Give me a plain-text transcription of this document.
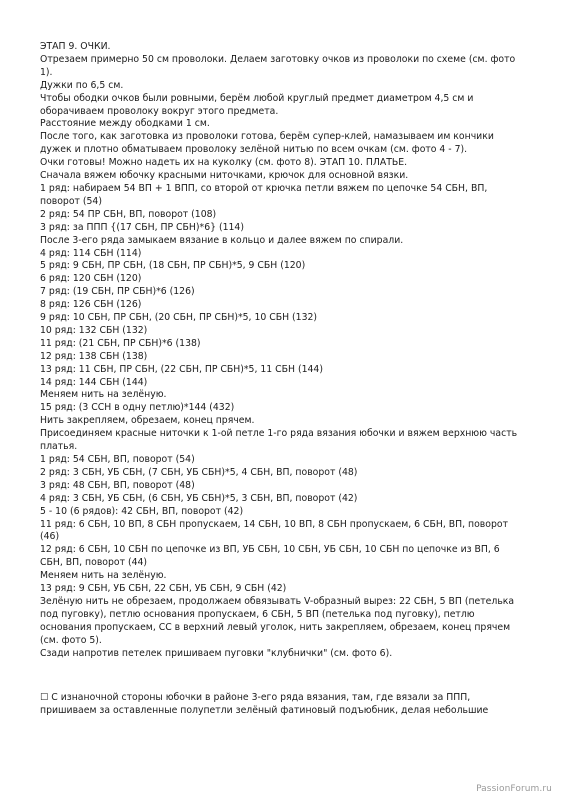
ЭТАП 9. ОЧКИ.

Отрезаем примерно 50 см проволоки. Делаем заготовку очков из проволоки по схеме (см. фото

1).

Дужки по 6,5 см.

Чтобы ободки очков были ровными, берём любой круглый предмет диаметром 4,5 см и

оборачиваем проволоку вокруг этого предмета.

Расстояние между ободками 1 см.

После того, как заготовка из проволоки готова, берём супер-клей, намазываем им кончики

дужек и плотно обматываем проволоку зелёной нитью по всем очкам (см. фото 4 - 7).

Очки готовы! Можно надеть их на куколку (см. фото 8). ЭТАП 10. ПЛАТЬЕ.

Сначала вяжем юбочку красными ниточками, крючок для основной вязки.

1 ряд: набираем 54 ВП + 1 ВПП, со второй от крючка петли вяжем по цепочке 54 СБН, ВП,

поворот (54)

2 ряд: 54 ПР СБН, ВП, поворот (108)

3 ряд: за ППП {(17 СБН, ПР СБН)*6} (114)

После 3-его ряда замыкаем вязание в кольцо и далее вяжем по спирали.

4 ряд: 114 СБН (114)

5 ряд: 9 СБН, ПР СБН, (18 СБН, ПР СБН)*5, 9 СБН (120)

6 ряд: 120 СБН (120)

7 ряд: (19 СБН, ПР СБН)*6 (126)

8 ряд: 126 СБН (126)

9 ряд: 10 СБН, ПР СБН, (20 СБН, ПР СБН)*5, 10 СБН (132)

10 ряд: 132 СБН (132)

11 ряд: (21 СБН, ПР СБН)*6 (138)

12 ряд: 138 СБН (138)

13 ряд: 11 СБН, ПР СБН, (22 СБН, ПР СБН)*5, 11 СБН (144)

14 ряд: 144 СБН (144)

Меняем нить на зелёную.

15 ряд: (3 ССН в одну петлю)*144 (432)

Нить закрепляем, обрезаем, конец прячем.

Присоединяем красные ниточки к 1-ой петле 1-го ряда вязания юбочки и вяжем верхнюю часть

платья.

1 ряд: 54 СБН, ВП, поворот (54)

2 ряд: 3 СБН, УБ СБН, (7 СБН, УБ СБН)*5, 4 СБН, ВП, поворот (48)

3 ряд: 48 СБН, ВП, поворот (48)

4 ряд: 3 СБН, УБ СБН, (6 СБН, УБ СБН)*5, 3 СБН, ВП, поворот (42)

5 - 10 (6 рядов): 42 СБН, ВП, поворот (42)

11 ряд: 6 СБН, 10 ВП, 8 СБН пропускаем, 14 СБН, 10 ВП, 8 СБН пропускаем, 6 СБН, ВП, поворот

(46)

12 ряд: 6 СБН, 10 СБН по цепочке из ВП, УБ СБН, 10 СБН, УБ СБН, 10 СБН по цепочке из ВП, 6

СБН, ВП, поворот (44)

Меняем нить на зелёную.

13 ряд: 9 СБН, УБ СБН, 22 СБН, УБ СБН, 9 СБН (42)

Зелёную нить не обрезаем, продолжаем обвязывать V-образный вырез: 22 СБН, 5 ВП (петелька

под пуговку), петлю основания пропускаем, 6 СБН, 5 ВП (петелька под пуговку), петлю

основания пропускаем, СС в верхний левый уголок, нить закрепляем, обрезаем, конец прячем

(см. фото 5).

Сзади напротив петелек пришиваем пуговки "клубнички" (см. фото 6).

☐ С изнаночной стороны юбочки в районе 3-его ряда вязания, там, где вязали за ППП,

пришиваем за оставленные полупетли зелёный фатиновый подъюбник, делая небольшие

PassionForum.ru
